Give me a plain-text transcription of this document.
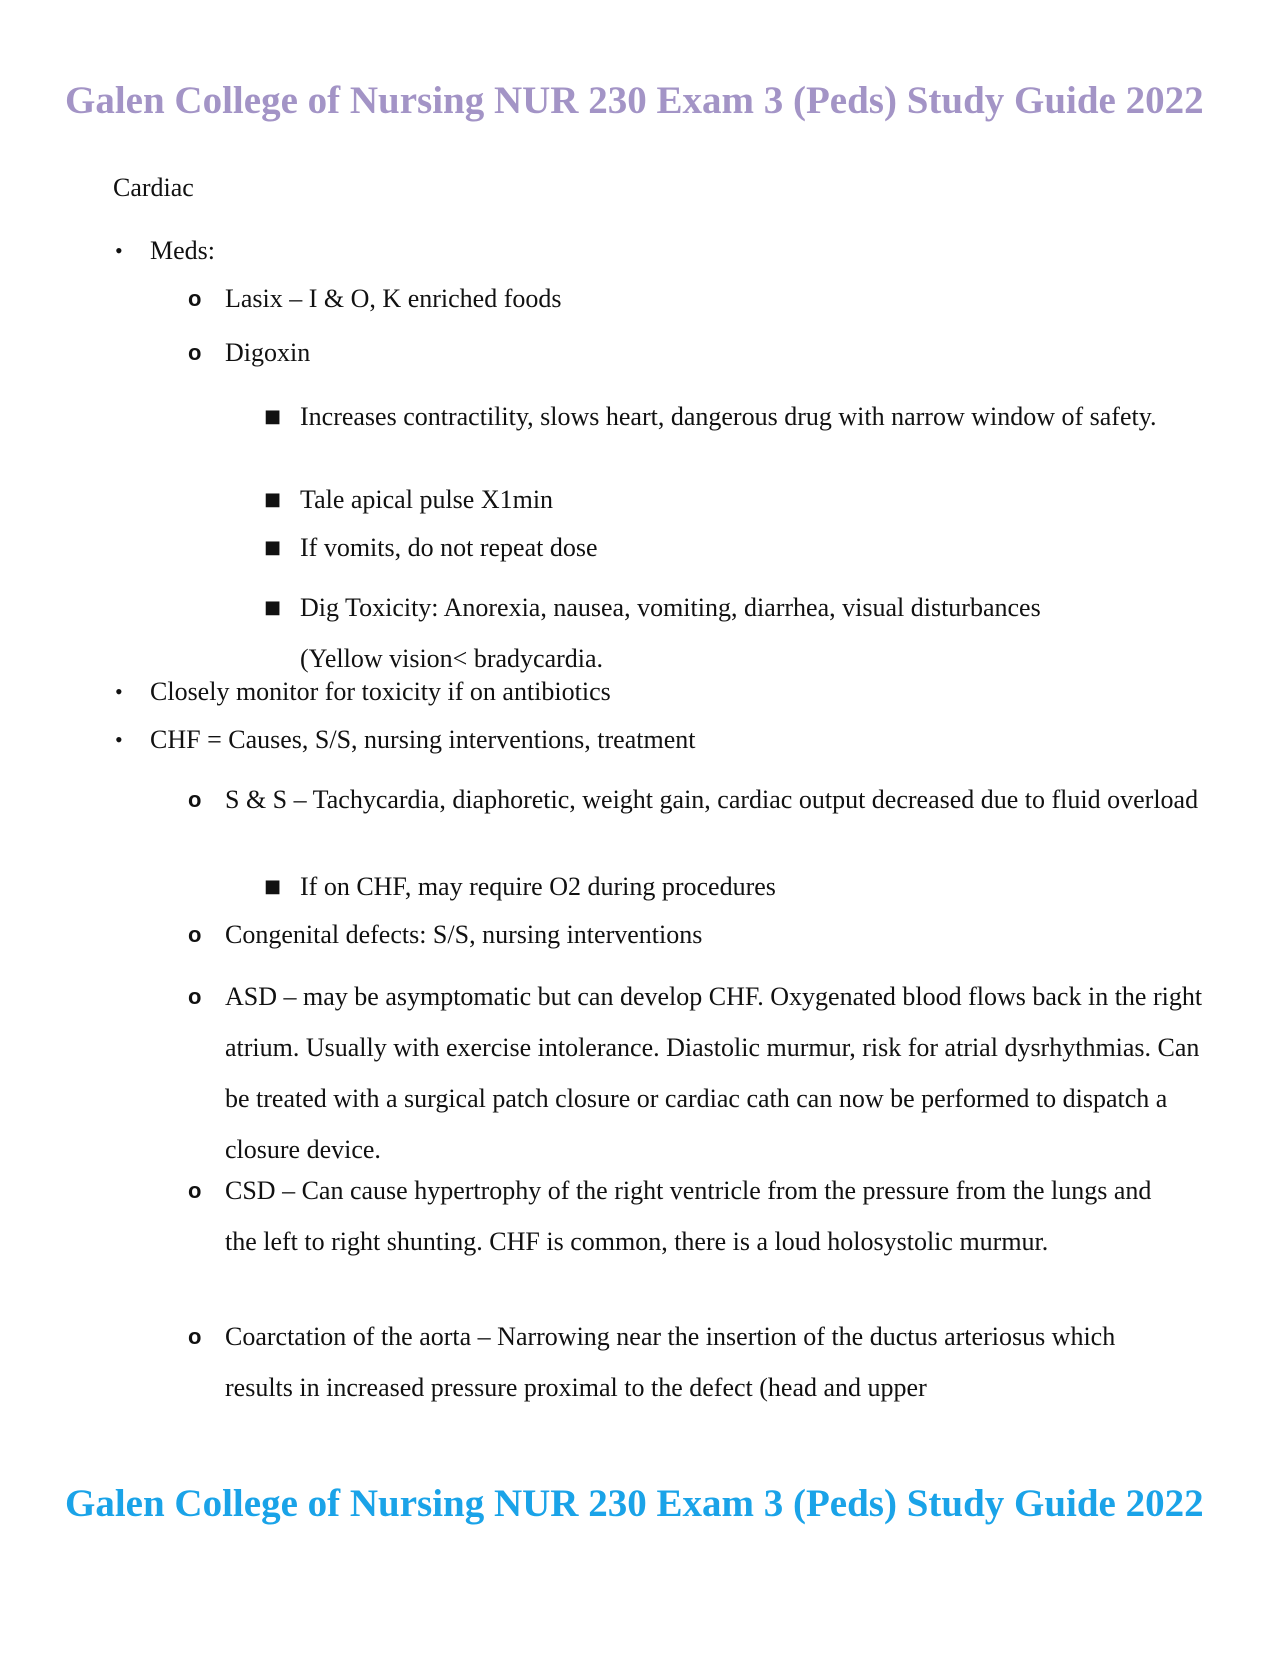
Galen College of Nursing NUR 230 Exam 3 (Peds) Study Guide 2022

Cardiac

• Meds:
o Lasix – I & O, K enriched foods
o Digoxin
■ Increases contractility, slows heart, dangerous drug with narrow window of safety.
■ Tale apical pulse X1min
■ If vomits, do not repeat dose
■ Dig Toxicity: Anorexia, nausea, vomiting, diarrhea, visual disturbances (Yellow vision< bradycardia.
• Closely monitor for toxicity if on antibiotics
• CHF = Causes, S/S, nursing interventions, treatment
o S & S – Tachycardia, diaphoretic, weight gain, cardiac output decreased due to fluid overload
■ If on CHF, may require O2 during procedures
o Congenital defects: S/S, nursing interventions
o ASD – may be asymptomatic but can develop CHF. Oxygenated blood flows back in the right atrium. Usually with exercise intolerance. Diastolic murmur, risk for atrial dysrhythmias. Can be treated with a surgical patch closure or cardiac cath can now be performed to dispatch a closure device.
o CSD – Can cause hypertrophy of the right ventricle from the pressure from the lungs and the left to right shunting. CHF is common, there is a loud holosystolic murmur.
o Coarctation of the aorta – Narrowing near the insertion of the ductus arteriosus which results in increased pressure proximal to the defect (head and upper
Galen College of Nursing NUR 230 Exam 3 (Peds) Study Guide 2022
